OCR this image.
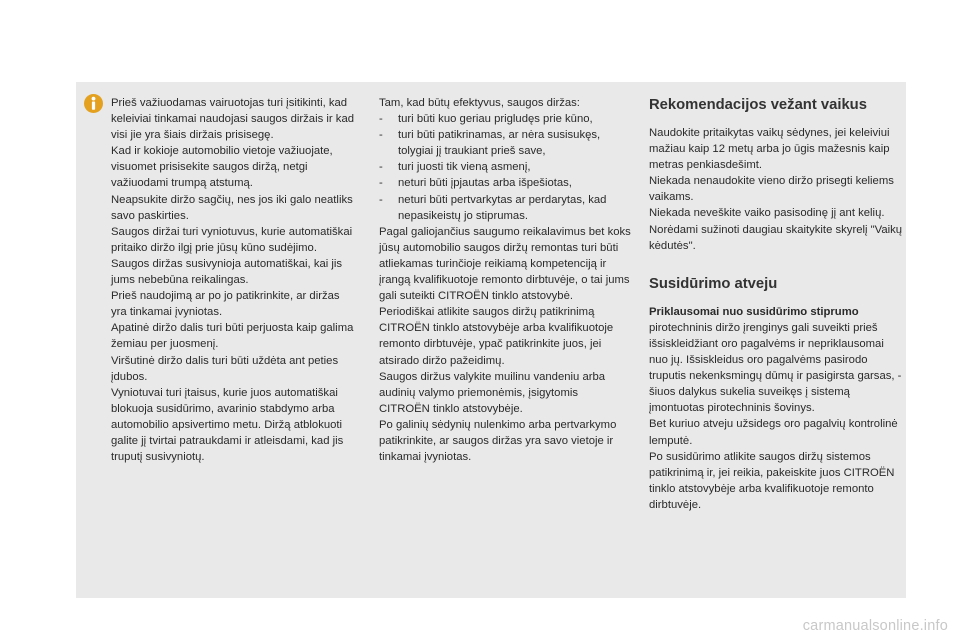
Prieš važiuodamas vairuotojas turi įsitikinti, kad keleiviai tinkamai naudojasi saugos diržais ir kad visi jie yra šiais diržais prisisegę.

Kad ir kokioje automobilio vietoje važiuojate, visuomet prisisekite saugos diržą, netgi važiuodami trumpą atstumą.

Neapsukite diržo sagčių, nes jos iki galo neatliks savo paskirties.

Saugos diržai turi vyniotuvus, kurie automatiškai pritaiko diržo ilgį prie jūsų kūno sudėjimo. Saugos diržas susivynioja automatiškai, kai jis jums nebebūna reikalingas.

Prieš naudojimą ar po jo patikrinkite, ar diržas yra tinkamai įvyniotas.

Apatinė diržo dalis turi būti perjuosta kaip galima žemiau per juosmenį.

Viršutinė diržo dalis turi būti uždėta ant peties įdubos.

Vyniotuvai turi įtaisus, kurie juos automatiškai blokuoja susidūrimo, avarinio stabdymo arba automobilio apsivertimo metu. Diržą atblokuoti galite jį tvirtai patraukdami ir atleisdami, kad jis truputį susivyniotų.

Tam, kad būtų efektyvus, saugos diržas:

-	turi būti kuo geriau prigludęs prie kūno,
-	turi būti patikrinamas, ar nėra susisukęs, tolygiai jį traukiant prieš save,
-	turi juosti tik vieną asmenį,
-	neturi būti įpjautas arba išpešiotas,
-	neturi būti pertvarkytas ar perdarytas, kad nepasikeistų jo stiprumas.

Pagal galiojančius saugumo reikalavimus bet koks jūsų automobilio saugos diržų remontas turi būti atliekamas turinčioje reikiamą kompetenciją ir įrangą kvalifikuotoje remonto dirbtuvėje, o tai jums gali suteikti CITROËN tinklo atstovybė.

Periodiškai atlikite saugos diržų patikrinimą CITROËN tinklo atstovybėje arba kvalifikuotoje remonto dirbtuvėje, ypač patikrinkite juos, jei atsirado diržo pažeidimų.

Saugos diržus valykite muilinu vandeniu arba audinių valymo priemonėmis, įsigytomis CITROËN tinklo atstovybėje.

Po galinių sėdynių nulenkimo arba pertvarkymo patikrinkite, ar saugos diržas yra savo vietoje ir tinkamai įvyniotas.

Rekomendacijos vežant vaikus

Naudokite pritaikytas vaikų sėdynes, jei keleiviui mažiau kaip 12 metų arba jo ūgis mažesnis kaip metras penkiasdešimt.

Niekada nenaudokite vieno diržo prisegti keliems vaikams.

Niekada neveškite vaiko pasisodinę jį ant kelių.

Norėdami sužinoti daugiau skaitykite skyrelį "Vaikų kėdutės".

Susidūrimo atveju

Priklausomai nuo susidūrimo stiprumo pirotechninis diržo įrenginys gali suveikti prieš išsiskleidžiant oro pagalvėms ir nepriklausomai nuo jų. Išsiskleidus oro pagalvėms pasirodo truputis nekenksmingų dūmų ir pasigirsta garsas, - šiuos dalykus sukelia suveikęs į sistemą įmontuotas pirotechninis šovinys.

Bet kuriuo atveju užsidegs oro pagalvių kontrolinė lemputė.

Po susidūrimo atlikite saugos diržų sistemos patikrinimą ir, jei reikia, pakeiskite juos CITROËN tinklo atstovybėje arba kvalifikuotoje remonto dirbtuvėje.

carmanualsonline.info
